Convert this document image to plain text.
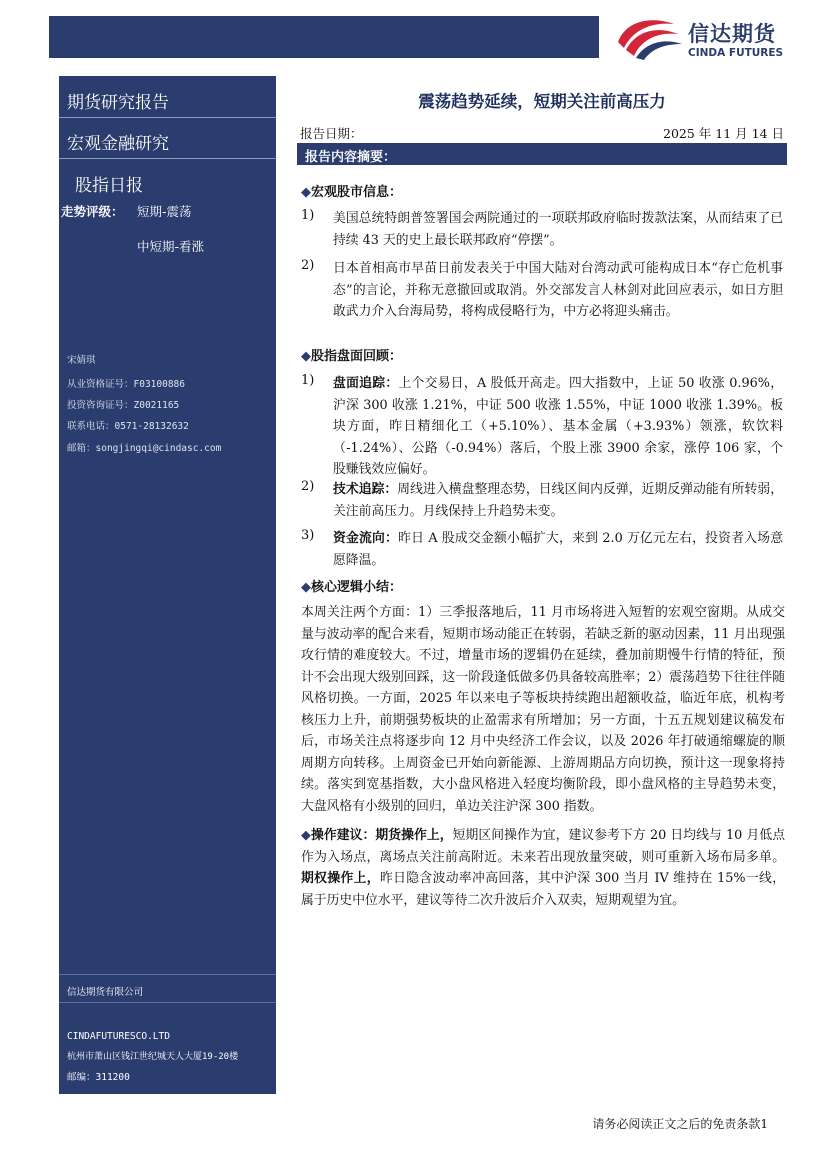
信达期货
CINDA FUTURES
期货研究报告
宏观金融研究
股指日报
走势评级： 短期-震荡
中短期-看涨
宋婧琪
从业资格证号：F03100886
投资咨询证号：Z0021165
联系电话：0571-28132632
邮箱：songjingqi@cindasc.com
信达期货有限公司
CINDAFUTURESCO.LTD
杭州市萧山区钱江世纪城天人大厦19-20楼
邮编：311200
震荡趋势延续，短期关注前高压力
报告日期：	2025 年 11 月 14 日
报告内容摘要：
◆宏观股市信息：
1) 美国总统特朗普签署国会两院通过的一项联邦政府临时拨款法案，从而结束了已持续 43 天的史上最长联邦政府“停摆”。
2) 日本首相高市早苗日前发表关于中国大陆对台湾动武可能构成日本“存亡危机事态”的言论，并称无意撤回或取消。外交部发言人林剑对此回应表示，如日方胆敢武力介入台海局势，将构成侵略行为，中方必将迎头痛击。
◆股指盘面回顾：
1) 盘面追踪：上个交易日，A 股低开高走。四大指数中，上证 50 收涨 0.96%，沪深 300 收涨 1.21%，中证 500 收涨 1.55%，中证 1000 收涨 1.39%。板块方面，昨日精细化工（+5.10%）、基本金属（+3.93%）领涨，软饮料（-1.24%）、公路（-0.94%）落后，个股上涨 3900 余家，涨停 106 家，个股赚钱效应偏好。
2) 技术追踪：周线进入横盘整理态势，日线区间内反弹，近期反弹动能有所转弱，关注前高压力。月线保持上升趋势未变。
3) 资金流向：昨日 A 股成交金额小幅扩大，来到 2.0 万亿元左右，投资者入场意愿降温。
◆核心逻辑小结：
本周关注两个方面：1）三季报落地后，11 月市场将进入短暂的宏观空窗期。从成交量与波动率的配合来看，短期市场动能正在转弱，若缺乏新的驱动因素，11 月出现强攻行情的难度较大。不过，增量市场的逻辑仍在延续，叠加前期慢牛行情的特征，预计不会出现大级别回踩，这一阶段逢低做多仍具备较高胜率；2）震荡趋势下往往伴随风格切换。一方面，2025 年以来电子等板块持续跑出超额收益，临近年底，机构考核压力上升，前期强势板块的止盈需求有所增加；另一方面，十五五规划建议稿发布后，市场关注点将逐步向 12 月中央经济工作会议，以及 2026 年打破通缩螺旋的顺周期方向转移。上周资金已开始向新能源、上游周期品方向切换，预计这一现象将持续。落实到宽基指数，大小盘风格进入轻度均衡阶段，即小盘风格的主导趋势未变，大盘风格有小级别的回归，单边关注沪深 300 指数。
◆操作建议：期货操作上，短期区间操作为宜，建议参考下方 20 日均线与 10 月低点作为入场点，离场点关注前高附近。未来若出现放量突破，则可重新入场布局多单。期权操作上，昨日隐含波动率冲高回落，其中沪深 300 当月 IV 维持在 15%一线，属于历史中位水平，建议等待二次升波后介入双卖，短期观望为宜。
请务必阅读正文之后的免责条款1
